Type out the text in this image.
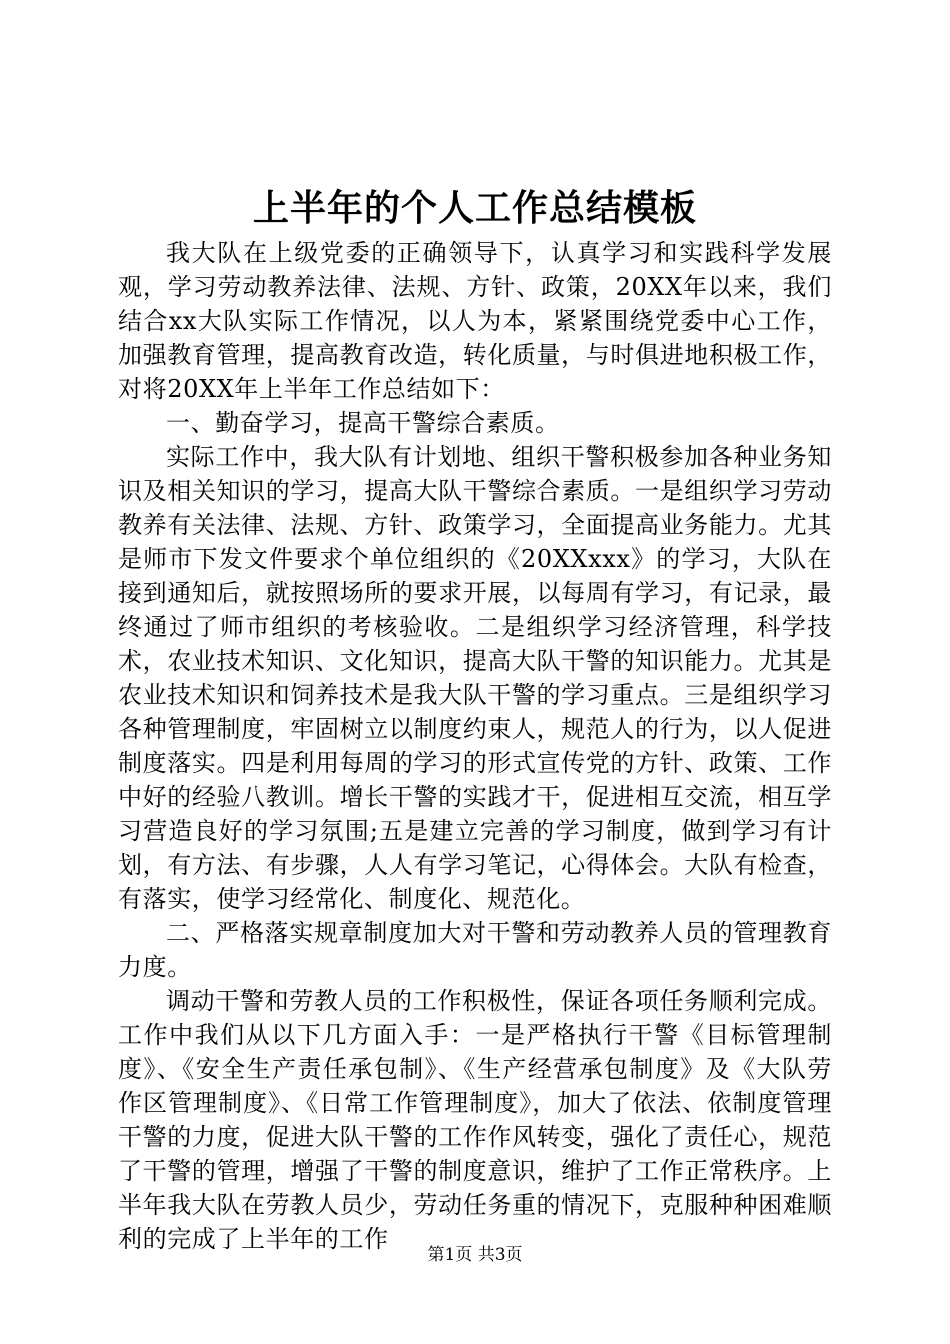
上半年的个人工作总结模板

我大队在上级党委的正确领导下，认真学习和实践科学发展观，学习劳动教养法律、法规、方针、政策，20XX年以来，我们结合xx大队实际工作情况，以人为本，紧紧围绕党委中心工作，加强教育管理，提高教育改造，转化质量，与时俱进地积极工作，对将20XX年上半年工作总结如下：

一、勤奋学习，提高干警综合素质。

实际工作中，我大队有计划地、组织干警积极参加各种业务知识及相关知识的学习，提高大队干警综合素质。一是组织学习劳动教养有关法律、法规、方针、政策学习，全面提高业务能力。尤其是师市下发文件要求个单位组织的《20XXxxx》的学习，大队在接到通知后，就按照场所的要求开展，以每周有学习，有记录，最终通过了师市组织的考核验收。二是组织学习经济管理，科学技术，农业技术知识、文化知识，提高大队干警的知识能力。尤其是农业技术知识和饲养技术是我大队干警的学习重点。三是组织学习各种管理制度，牢固树立以制度约束人，规范人的行为，以人促进制度落实。四是利用每周的学习的形式宣传党的方针、政策、工作中好的经验八教训。增长干警的实践才干，促进相互交流，相互学习营造良好的学习氛围;五是建立完善的学习制度，做到学习有计划，有方法、有步骤，人人有学习笔记，心得体会。大队有检查，有落实，使学习经常化、制度化、规范化。

二、严格落实规章制度加大对干警和劳动教养人员的管理教育力度。

调动干警和劳教人员的工作积极性，保证各项任务顺利完成。工作中我们从以下几方面入手：一是严格执行干警《目标管理制度》、《安全生产责任承包制》、《生产经营承包制度》及《大队劳作区管理制度》、《日常工作管理制度》，加大了依法、依制度管理干警的力度，促进大队干警的工作作风转变，强化了责任心，规范了干警的管理，增强了干警的制度意识，维护了工作正常秩序。上半年我大队在劳教人员少，劳动任务重的情况下，克服种种困难顺利的完成了上半年的工作

第1页 共3页
